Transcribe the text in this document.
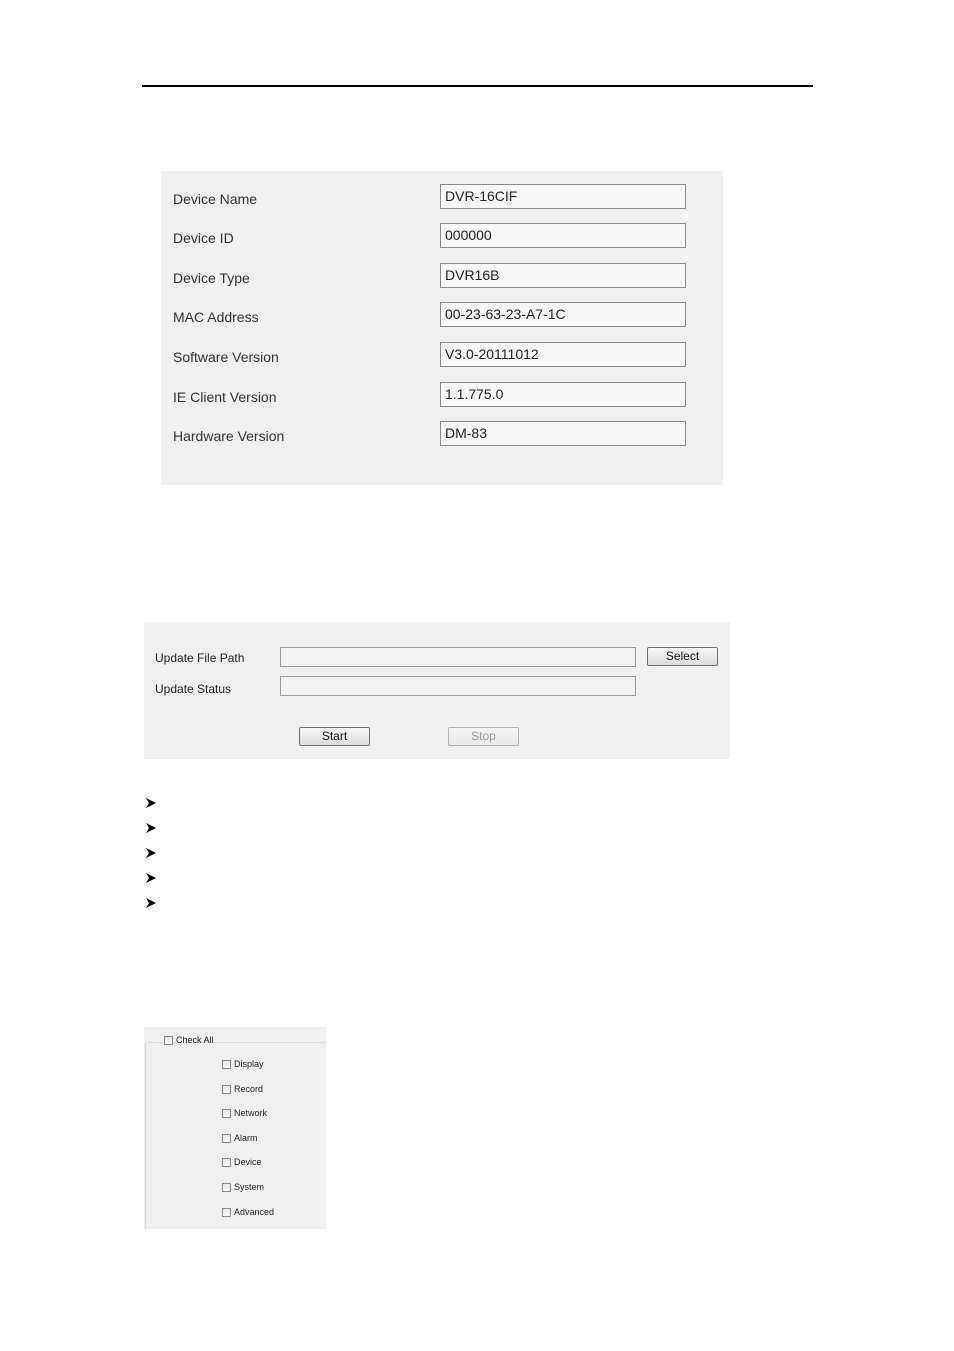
Device Name	DVR-16CIF
Device ID	000000
Device Type	DVR16B
MAC Address	00-23-63-23-A7-1C
Software Version	V3.0-20111012
IE Client Version	1.1.775.0
Hardware Version	DM-83
Update File Path	Select
Update Status
Start	Stop
Check All
Display
Record
Network
Alarm
Device
System
Advanced
